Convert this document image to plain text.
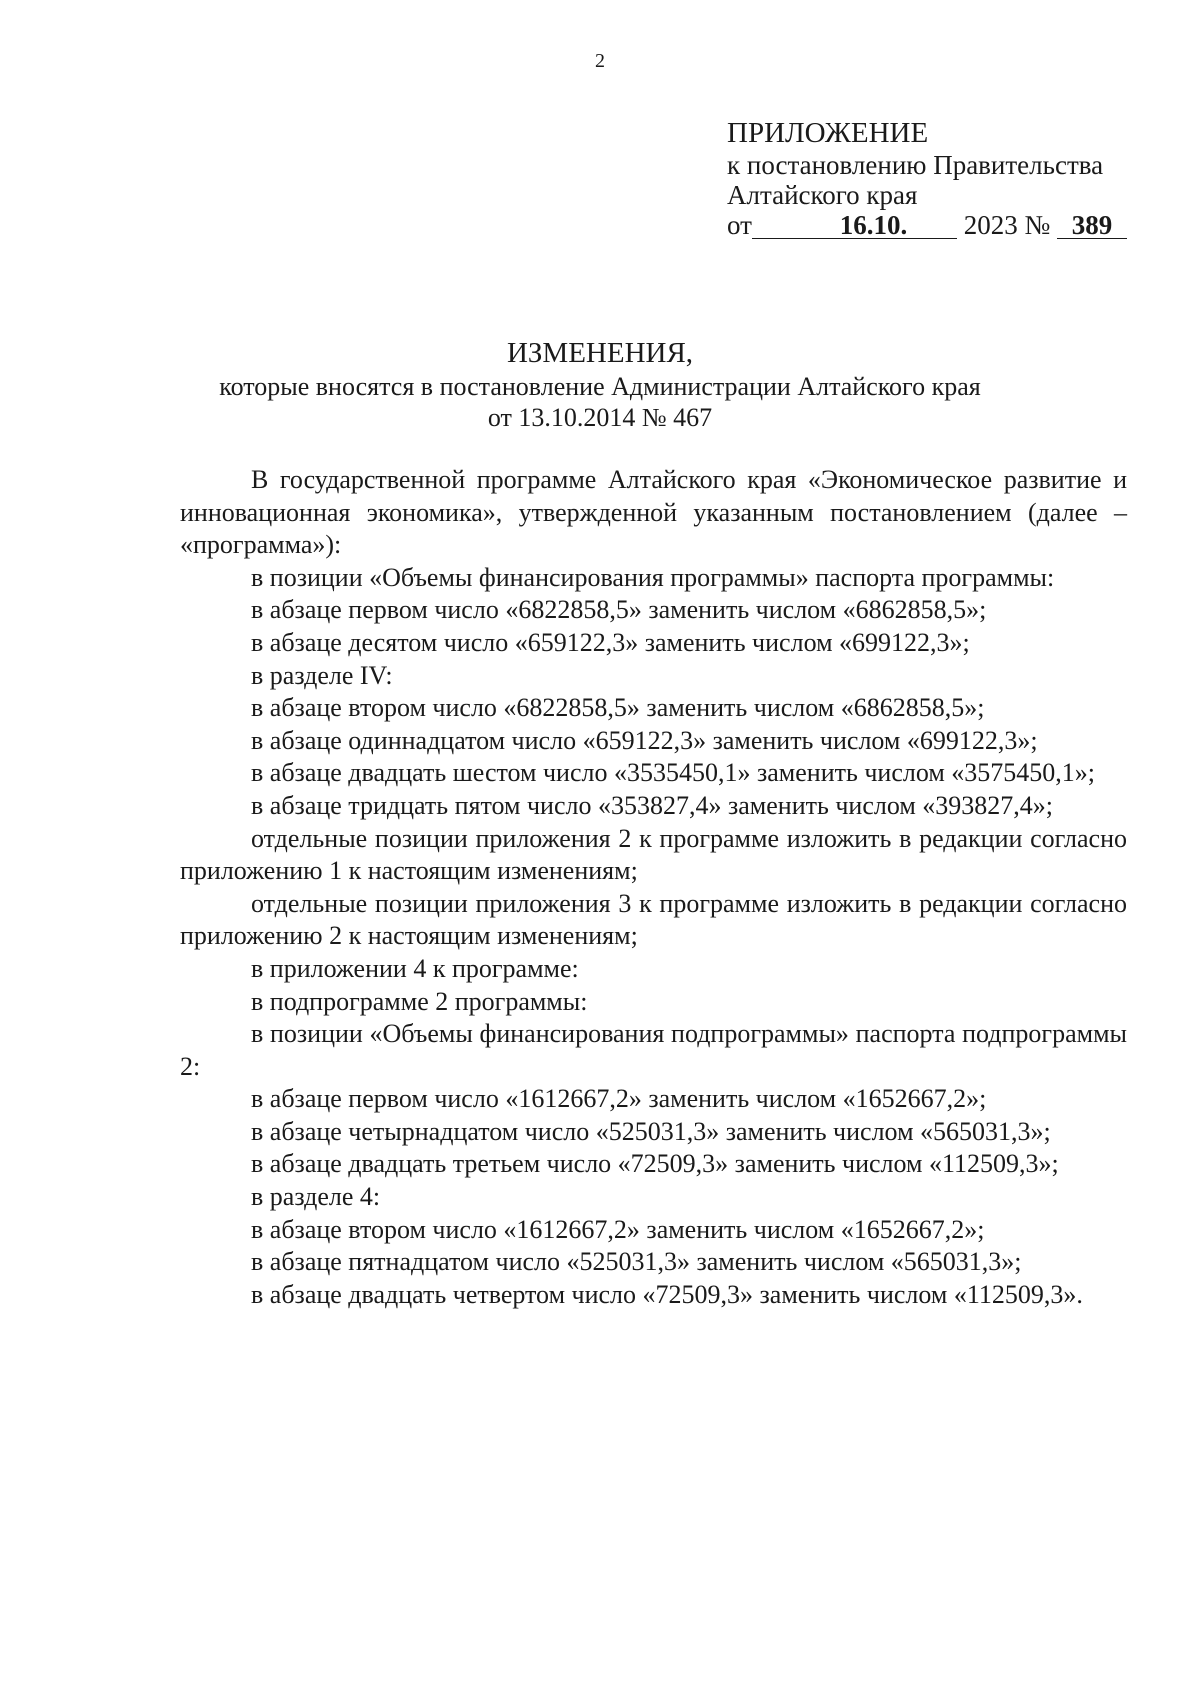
2
ПРИЛОЖЕНИЕ
к постановлению Правительства
Алтайского края
от	16.10. 2023 № 389
ИЗМЕНЕНИЯ,
которые вносятся в постановление Администрации Алтайского края
от 13.10.2014 № 467

В государственной программе Алтайского края «Экономическое развитие и инновационная экономика», утвержденной указанным постановлением (далее – «программа»):

в позиции «Объемы финансирования программы» паспорта программы:

в абзаце первом число «6822858,5» заменить числом «6862858,5»;

в абзаце десятом число «659122,3» заменить числом «699122,3»;

в разделе IV:

в абзаце втором число «6822858,5» заменить числом «6862858,5»;

в абзаце одиннадцатом число «659122,3» заменить числом «699122,3»;

в абзаце двадцать шестом число «3535450,1» заменить числом «3575450,1»;

в абзаце тридцать пятом число «353827,4» заменить числом «393827,4»;

отдельные позиции приложения 2 к программе изложить в редакции согласно приложению 1 к настоящим изменениям;

отдельные позиции приложения 3 к программе изложить в редакции согласно приложению 2 к настоящим изменениям;

в приложении 4 к программе:

в подпрограмме 2 программы:

в позиции «Объемы финансирования подпрограммы» паспорта подпрограммы 2:

в абзаце первом число «1612667,2» заменить числом «1652667,2»;

в абзаце четырнадцатом число «525031,3» заменить числом «565031,3»;

в абзаце двадцать третьем число «72509,3» заменить числом «112509,3»;

в разделе 4:

в абзаце втором число «1612667,2» заменить числом «1652667,2»;

в абзаце пятнадцатом число «525031,3» заменить числом «565031,3»;

в абзаце двадцать четвертом число «72509,3» заменить числом «112509,3».
